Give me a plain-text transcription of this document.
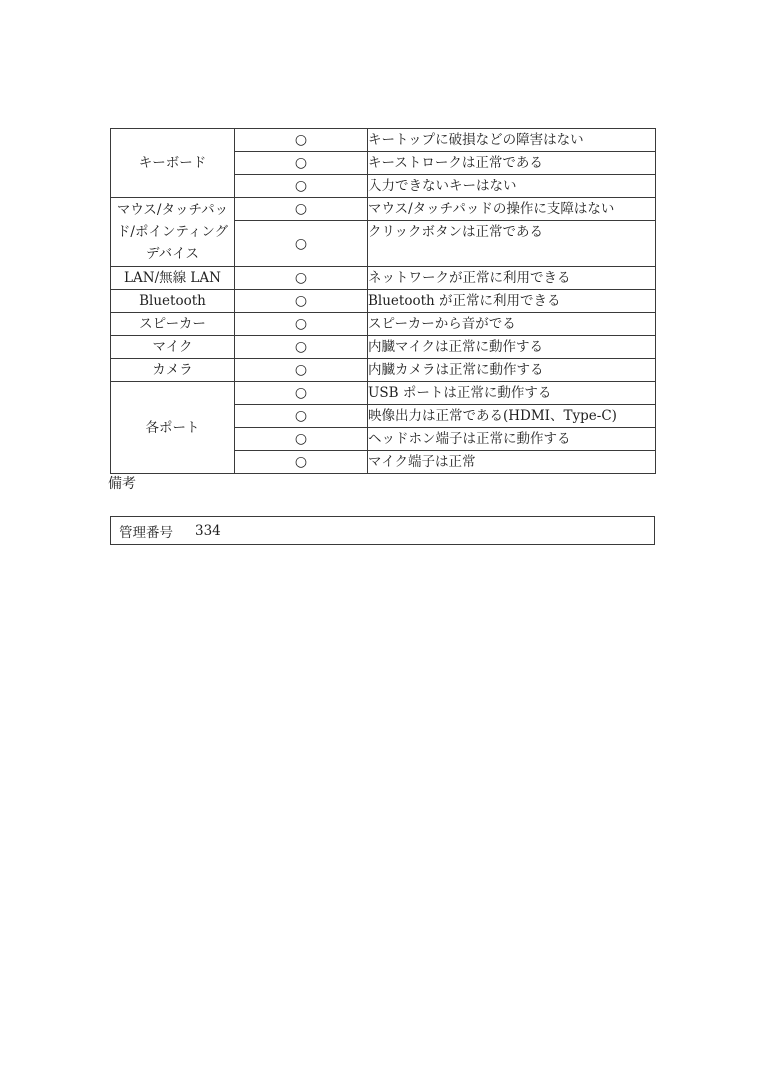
キーボード	○	キートップに破損などの障害はない
	○	キーストロークは正常である
	○	入力できないキーはない
マウス/タッチパッド/ポインティングデバイス	○	マウス/タッチパッドの操作に支障はない
	○	クリックボタンは正常である
LAN/無線 LAN	○	ネットワークが正常に利用できる
Bluetooth	○	Bluetooth が正常に利用できる
スピーカー	○	スピーカーから音がでる
マイク	○	内臓マイクは正常に動作する
カメラ	○	内臓カメラは正常に動作する
各ポート	○	USB ポートは正常に動作する
	○	映像出力は正常である(HDMI、Type-C)
	○	ヘッドホン端子は正常に動作する
	○	マイク端子は正常
備考
管理番号 334
